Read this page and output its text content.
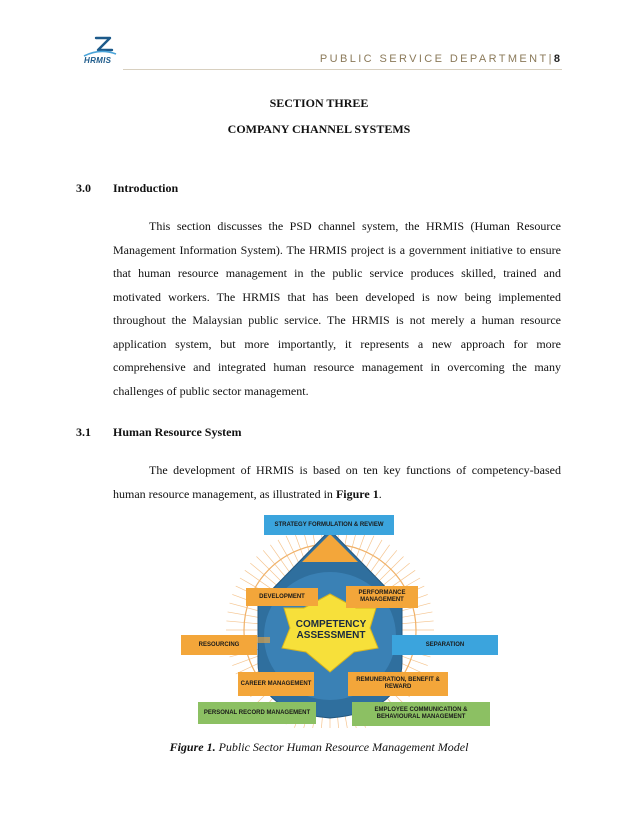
HRMIS	PUBLIC SERVICE DEPARTMENT|8
SECTION THREE
COMPANY CHANNEL SYSTEMS
3.0 Introduction
This section discusses the PSD channel system, the HRMIS (Human Resource Management Information System). The HRMIS project is a government initiative to ensure that human resource management in the public service produces skilled, trained and motivated workers. The HRMIS that has been developed is now being implemented throughout the Malaysian public service. The HRMIS is not merely a human resource application system, but more importantly, it represents a new approach for more comprehensive and integrated human resource management in overcoming the many challenges of public sector management.
3.1 Human Resource System
The development of HRMIS is based on ten key functions of competency-based human resource management, as illustrated in Figure 1.
STRATEGY FORMULATION & REVIEW
DEVELOPMENT
PERFORMANCE MANAGEMENT
COMPETENCY ASSESSMENT
RESOURCING	SEPARATION
CAREER MANAGEMENT
REMUNERATION, BENEFIT & REWARD
PERSONAL RECORD MANAGEMENT	EMPLOYEE COMMUNICATION & BEHAVIOURAL MANAGEMENT
Figure 1. Public Sector Human Resource Management Model
